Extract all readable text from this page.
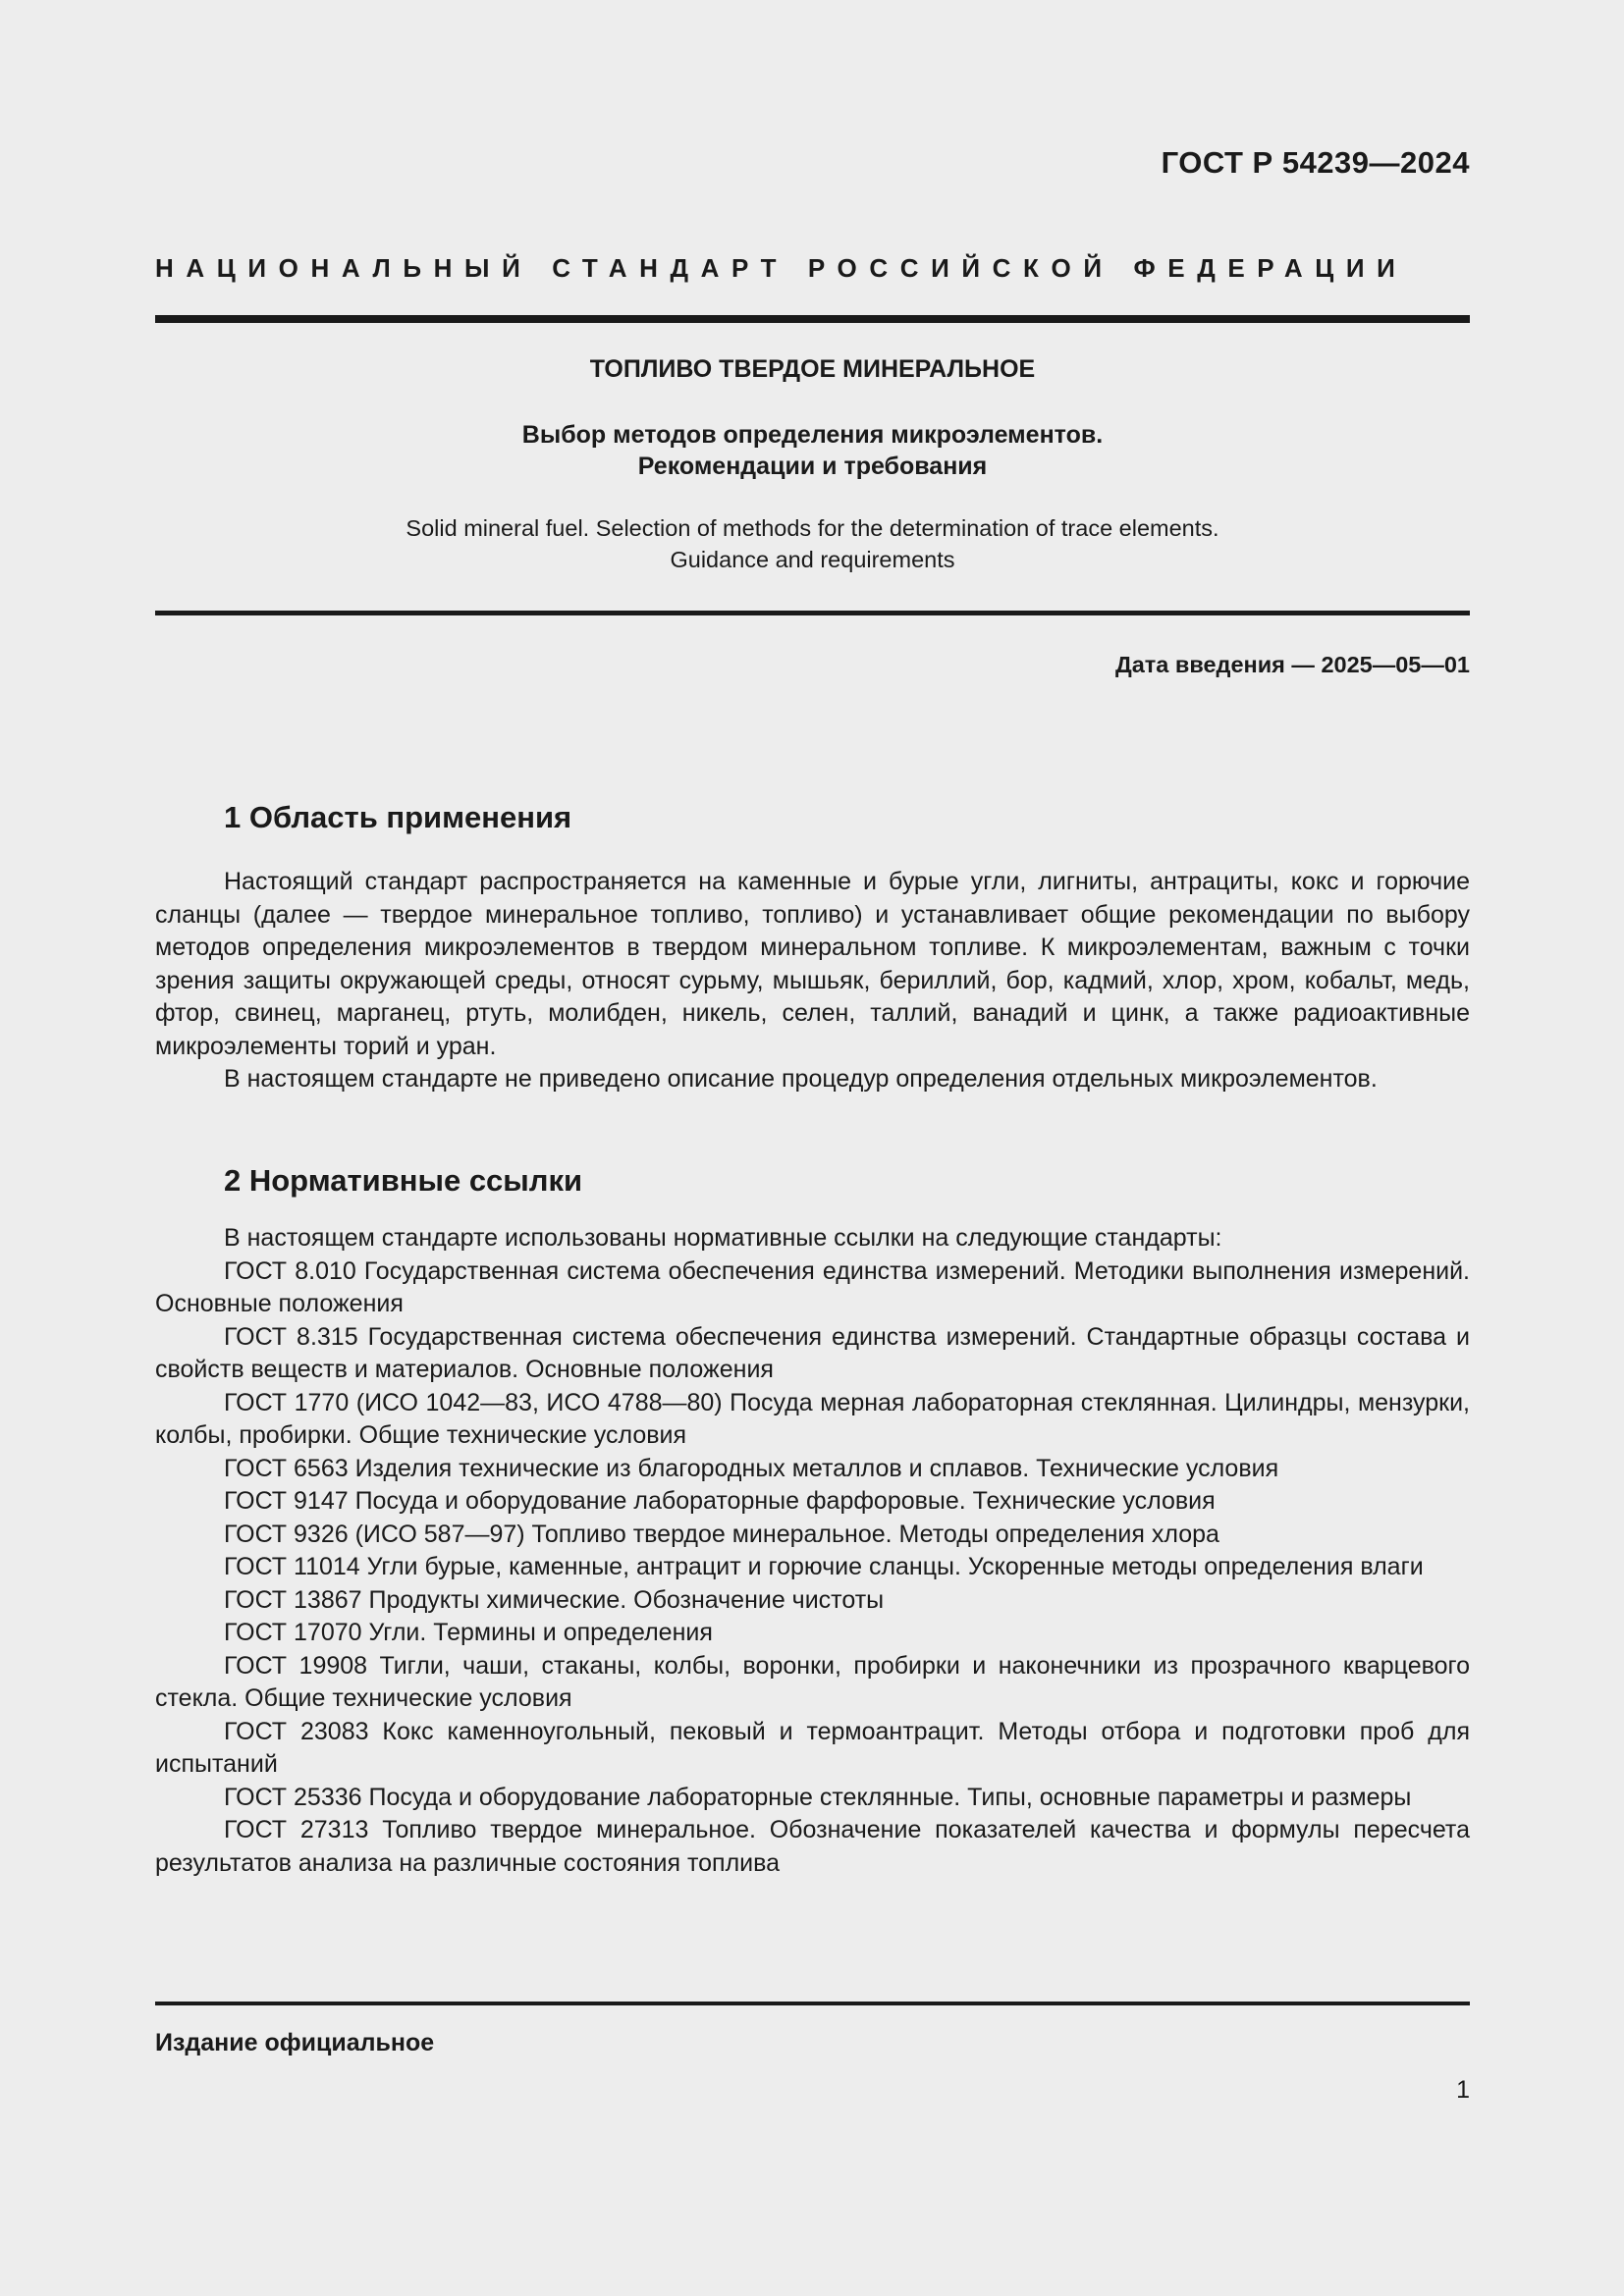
ГОСТ Р 54239—2024
НАЦИОНАЛЬНЫЙ СТАНДАРТ РОССИЙСКОЙ ФЕДЕРАЦИИ
ТОПЛИВО ТВЕРДОЕ МИНЕРАЛЬНОЕ
Выбор методов определения микроэлементов.
Рекомендации и требования
Solid mineral fuel. Selection of methods for the determination of trace elements.
Guidance and requirements
Дата введения — 2025—05—01
1 Область применения

Настоящий стандарт распространяется на каменные и бурые угли, лигниты, антрациты, кокс и горючие сланцы (далее — твердое минеральное топливо, топливо) и устанавливает общие рекомендации по выбору методов определения микроэлементов в твердом минеральном топливе. К микроэлементам, важным с точки зрения защиты окружающей среды, относят сурьму, мышьяк, бериллий, бор, кадмий, хлор, хром, кобальт, медь, фтор, свинец, марганец, ртуть, молибден, никель, селен, таллий, ванадий и цинк, а также радиоактивные микроэлементы торий и уран.

В настоящем стандарте не приведено описание процедур определения отдельных микроэлементов.

2 Нормативные ссылки

В настоящем стандарте использованы нормативные ссылки на следующие стандарты:

ГОСТ 8.010 Государственная система обеспечения единства измерений. Методики выполнения измерений. Основные положения

ГОСТ 8.315 Государственная система обеспечения единства измерений. Стандартные образцы состава и свойств веществ и материалов. Основные положения

ГОСТ 1770 (ИСО 1042—83, ИСО 4788—80) Посуда мерная лабораторная стеклянная. Цилиндры, мензурки, колбы, пробирки. Общие технические условия

ГОСТ 6563 Изделия технические из благородных металлов и сплавов. Технические условия

ГОСТ 9147 Посуда и оборудование лабораторные фарфоровые. Технические условия

ГОСТ 9326 (ИСО 587—97) Топливо твердое минеральное. Методы определения хлора

ГОСТ 11014 Угли бурые, каменные, антрацит и горючие сланцы. Ускоренные методы определения влаги

ГОСТ 13867 Продукты химические. Обозначение чистоты

ГОСТ 17070 Угли. Термины и определения

ГОСТ 19908 Тигли, чаши, стаканы, колбы, воронки, пробирки и наконечники из прозрачного кварцевого стекла. Общие технические условия

ГОСТ 23083 Кокс каменноугольный, пековый и термоантрацит. Методы отбора и подготовки проб для испытаний

ГОСТ 25336 Посуда и оборудование лабораторные стеклянные. Типы, основные параметры и размеры

ГОСТ 27313 Топливо твердое минеральное. Обозначение показателей качества и формулы пересчета результатов анализа на различные состояния топлива

Издание официальное
1
